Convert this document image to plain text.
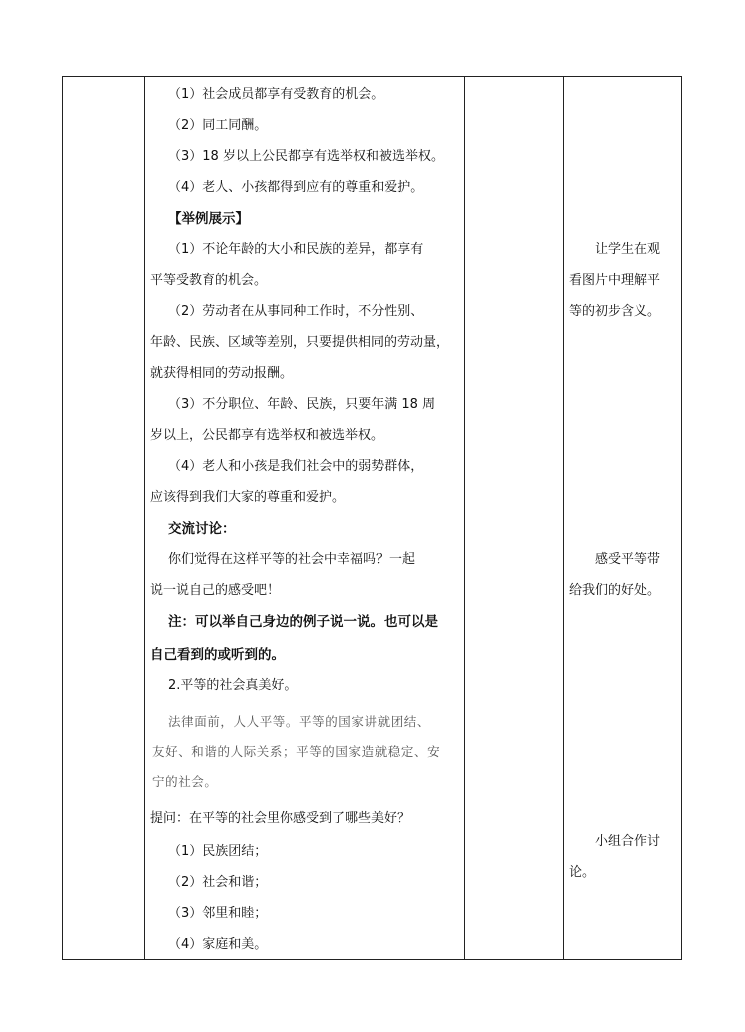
（1）社会成员都享有受教育的机会。
（2）同工同酬。
（3）18 岁以上公民都享有选举权和被选举权。
（4）老人、小孩都得到应有的尊重和爱护。
【举例展示】
（1）不论年龄的大小和民族的差异，都享有
平等受教育的机会。
（2）劳动者在从事同种工作时，不分性别、
年龄、民族、区域等差别，只要提供相同的劳动量，
就获得相同的劳动报酬。
（3）不分职位、年龄、民族，只要年满 18 周
岁以上，公民都享有选举权和被选举权。
（4）老人和小孩是我们社会中的弱势群体，
应该得到我们大家的尊重和爱护。
交流讨论：
你们觉得在这样平等的社会中幸福吗？一起
说一说自己的感受吧！
注：可以举自己身边的例子说一说。也可以是
自己看到的或听到的。
2.平等的社会真美好。
法律面前，人人平等。平等的国家讲就团结、
友好、和谐的人际关系；平等的国家造就稳定、安
宁的社会。
提问：在平等的社会里你感受到了哪些美好？
（1）民族团结；
（2）社会和谐；
（3）邻里和睦；
（4）家庭和美。
让学生在观
看图片中理解平
等的初步含义。
感受平等带
给我们的好处。
小组合作讨
论。
